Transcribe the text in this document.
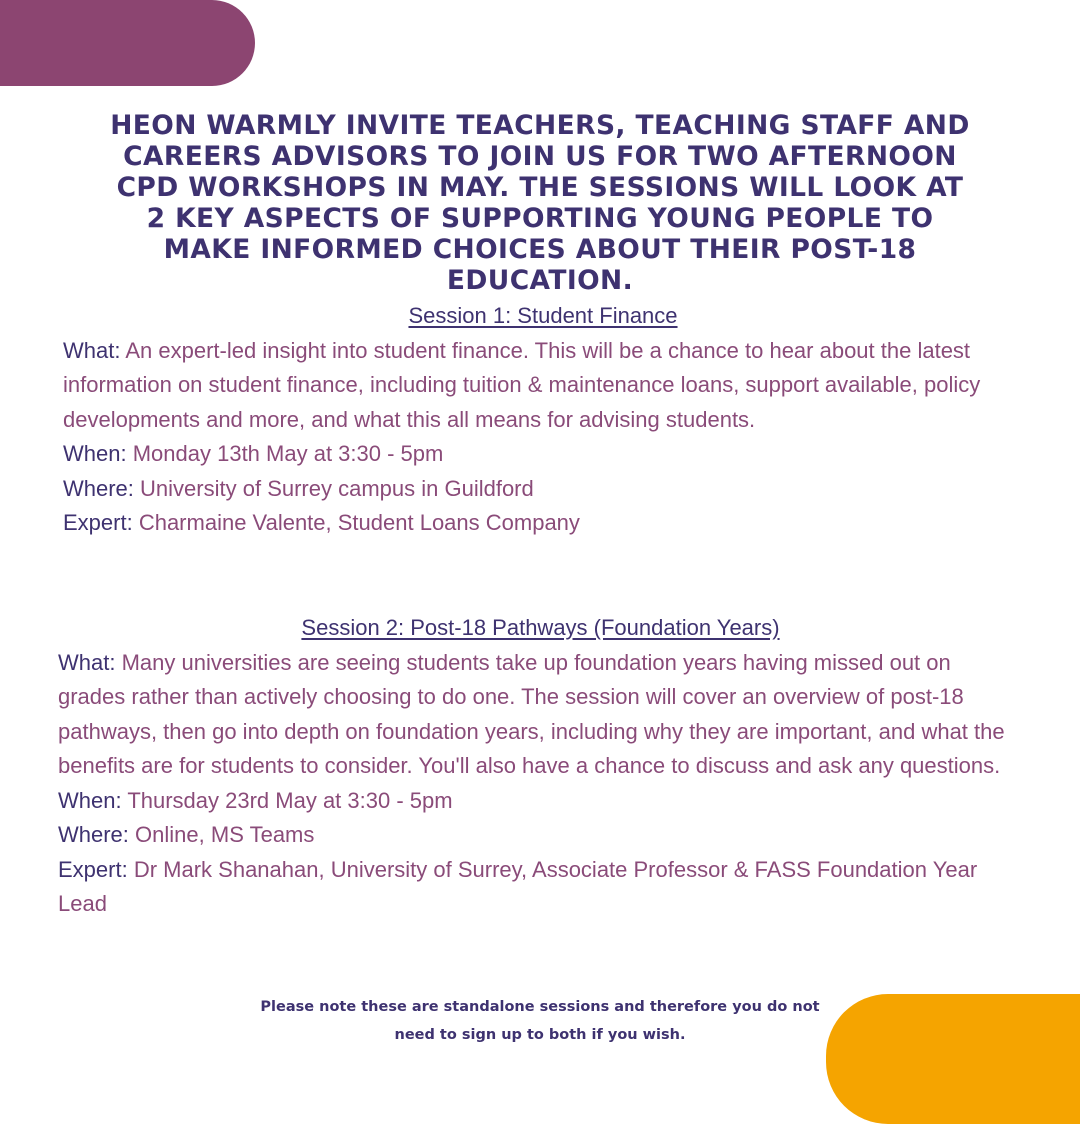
HEON WARMLY INVITE TEACHERS, TEACHING STAFF AND CAREERS ADVISORS TO JOIN US FOR TWO AFTERNOON CPD WORKSHOPS IN MAY. THE SESSIONS WILL LOOK AT 2 KEY ASPECTS OF SUPPORTING YOUNG PEOPLE TO MAKE INFORMED CHOICES ABOUT THEIR POST-18 EDUCATION.

Session 1: Student Finance

What: An expert-led insight into student finance. This will be a chance to hear about the latest information on student finance, including tuition & maintenance loans, support available, policy developments and more, and what this all means for advising students.

When: Monday 13th May at 3:30 - 5pm

Where: University of Surrey campus in Guildford

Expert: Charmaine Valente, Student Loans Company

Session 2: Post-18 Pathways (Foundation Years)

What: Many universities are seeing students take up foundation years having missed out on grades rather than actively choosing to do one. The session will cover an overview of post-18 pathways, then go into depth on foundation years, including why they are important, and what the benefits are for students to consider. You'll also have a chance to discuss and ask any questions.

When: Thursday 23rd May at 3:30 - 5pm

Where: Online, MS Teams

Expert: Dr Mark Shanahan, University of Surrey, Associate Professor & FASS Foundation Year Lead

Please note these are standalone sessions and therefore you do not
need to sign up to both if you wish.
